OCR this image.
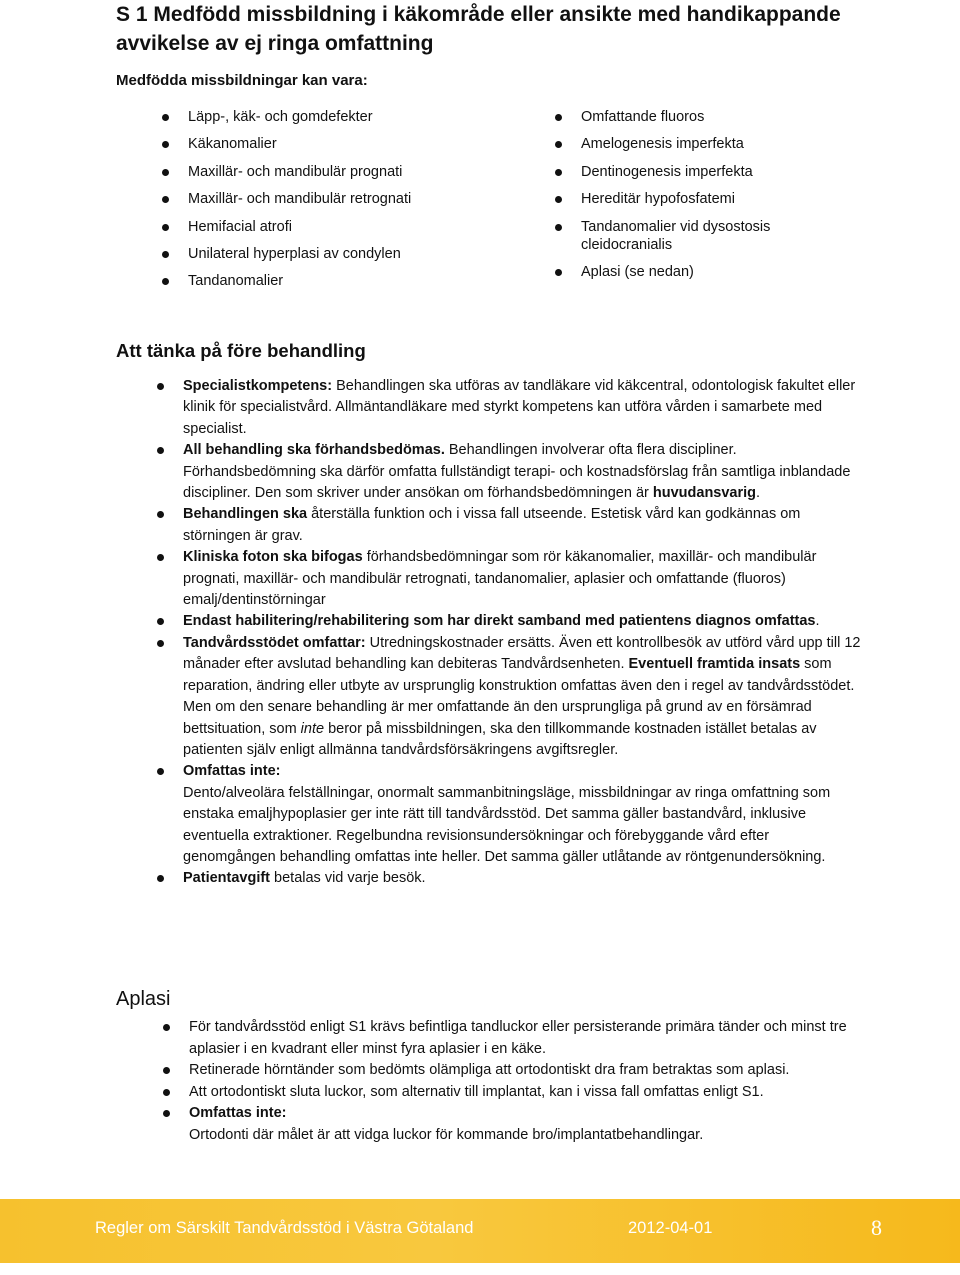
S 1 Medfödd missbildning i käkområde eller ansikte med handikappande avvikelse av ej ringa omfattning

Medfödda missbildningar kan vara:

Läpp-, käk- och gomdefekter
Käkanomalier
Maxillär- och mandibulär prognati
Maxillär- och mandibulär retrognati
Hemifacial atrofi
Unilateral hyperplasi av condylen
Tandanomalier
Omfattande fluoros
Amelogenesis imperfekta
Dentinogenesis imperfekta
Hereditär hypofosfatemi
Tandanomalier vid dysostosis cleidocranialis
Aplasi (se nedan)
Att tänka på före behandling
Specialistkompetens: Behandlingen ska utföras av tandläkare vid käkcentral, odontologisk fakultet eller klinik för specialistvård. Allmäntandläkare med styrkt kompetens kan utföra vården i samarbete med specialist.
All behandling ska förhandsbedömas. Behandlingen involverar ofta flera discipliner. Förhandsbedömning ska därför omfatta fullständigt terapi- och kostnadsförslag från samtliga inblandade discipliner. Den som skriver under ansökan om förhandsbedömningen är huvudansvarig.
Behandlingen ska återställa funktion och i vissa fall utseende. Estetisk vård kan godkännas om störningen är grav.
Kliniska foton ska bifogas förhandsbedömningar som rör käkanomalier, maxillär- och mandibulär prognati, maxillär- och mandibulär retrognati, tandanomalier, aplasier och omfattande (fluoros) emalj/dentinstörningar
Endast habilitering/rehabilitering som har direkt samband med patientens diagnos omfattas.
Tandvårdsstödet omfattar: Utredningskostnader ersätts. Även ett kontrollbesök av utförd vård upp till 12 månader efter avslutad behandling kan debiteras Tandvårdsenheten. Eventuell framtida insats som reparation, ändring eller utbyte av ursprunglig konstruktion omfattas även den i regel av tandvårdsstödet. Men om den senare behandling är mer omfattande än den ursprungliga på grund av en försämrad bettsituation, som inte beror på missbildningen, ska den tillkommande kostnaden istället betalas av patienten själv enligt allmänna tandvårdsförsäkringens avgiftsregler.
Omfattas inte:
Dento/alveolära felställningar, onormalt sammanbitningsläge, missbildningar av ringa omfattning som enstaka emaljhypoplasier ger inte rätt till tandvårdsstöd. Det samma gäller bastandvård, inklusive eventuella extraktioner. Regelbundna revisionsundersökningar och förebyggande vård efter genomgången behandling omfattas inte heller. Det samma gäller utlåtande av röntgenundersökning.
Patientavgift betalas vid varje besök.
Aplasi
För tandvårdsstöd enligt S1 krävs befintliga tandluckor eller persisterande primära tänder och minst tre aplasier i en kvadrant eller minst fyra aplasier i en käke.
Retinerade hörntänder som bedömts olämpliga att ortodontiskt dra fram betraktas som aplasi.
Att ortodontiskt sluta luckor, som alternativ till implantat, kan i vissa fall omfattas enligt S1.
Omfattas inte:
Ortodonti där målet är att vidga luckor för kommande bro/implantatbehandlingar.
Regler om Särskilt Tandvårdsstöd i Västra Götaland	2012-04-01	8
